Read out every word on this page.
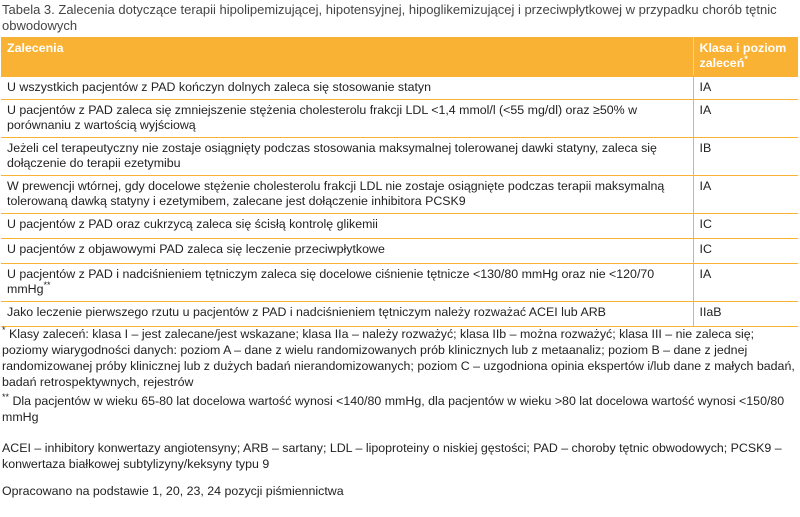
Tabela 3. Zalecenia dotyczące terapii hipolipemizującej, hipotensyjnej, hipoglikemizującej i przeciwpłytkowej w przypadku chorób tętnic obwodowych
Zalecenia	Klasa i poziom zaleceń*
U wszystkich pacjentów z PAD kończyn dolnych zaleca się stosowanie statyn	IA
U pacjentów z PAD zaleca się zmniejszenie stężenia cholesterolu frakcji LDL <1,4 mmol/l (<55 mg/dl) oraz ≥50% w porównaniu z wartością wyjściową	IA
Jeżeli cel terapeutyczny nie zostaje osiągnięty podczas stosowania maksymalnej tolerowanej dawki statyny, zaleca się dołączenie do terapii ezetymibu	IB
W prewencji wtórnej, gdy docelowe stężenie cholesterolu frakcji LDL nie zostaje osiągnięte podczas terapii maksymalną tolerowaną dawką statyny i ezetymibem, zalecane jest dołączenie inhibitora PCSK9	IA
U pacjentów z PAD oraz cukrzycą zaleca się ścisłą kontrolę glikemii	IC
U pacjentów z objawowymi PAD zaleca się leczenie przeciwpłytkowe	IC
U pacjentów z PAD i nadciśnieniem tętniczym zaleca się docelowe ciśnienie tętnicze <130/80 mmHg oraz nie <120/70 mmHg**	IA
Jako leczenie pierwszego rzutu u pacjentów z PAD i nadciśnieniem tętniczym należy rozważać ACEI lub ARB	IIaB
* Klasy zaleceń: klasa I – jest zalecane/jest wskazane; klasa IIa – należy rozważyć; klasa IIb – można rozważyć; klasa III – nie zaleca się; poziomy wiarygodności danych: poziom A – dane z wielu randomizowanych prób klinicznych lub z metaanaliz; poziom B – dane z jednej randomizowanej próby klinicznej lub z dużych badań nierandomizowanych; poziom C – uzgodniona opinia ekspertów i/lub dane z małych badań, badań retrospektywnych, rejestrów
** Dla pacjentów w wieku 65-80 lat docelowa wartość wynosi <140/80 mmHg, dla pacjentów w wieku >80 lat docelowa wartość wynosi <150/80 mmHg
ACEI – inhibitory konwertazy angiotensyny; ARB – sartany; LDL – lipoproteiny o niskiej gęstości; PAD – choroby tętnic obwodowych; PCSK9 – konwertaza białkowej subtylizyny/keksyny typu 9
Opracowano na podstawie 1, 20, 23, 24 pozycji piśmiennictwa
